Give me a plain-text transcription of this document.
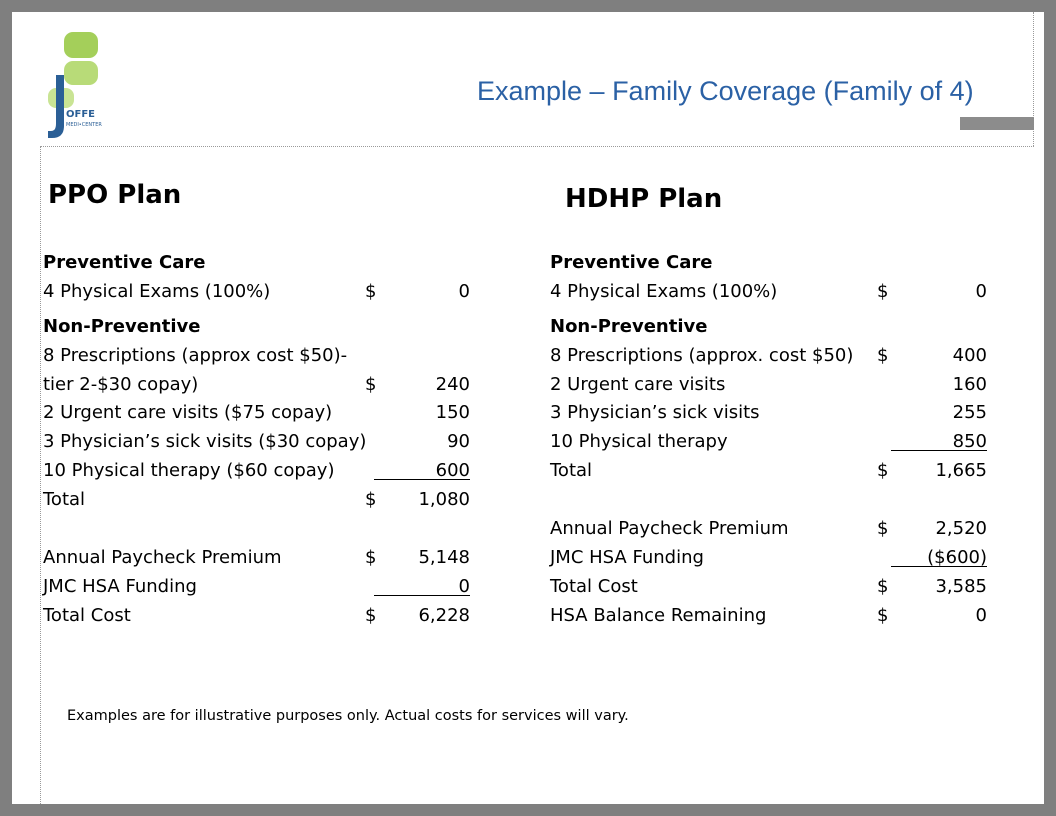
OFFE
MEDI•CENTER
Example – Family Coverage (Family of 4)
PPO Plan	HDHP Plan
Preventive Care
4 Physical Exams (100%)	$	0
Non-Preventive
8 Prescriptions (approx cost $50)-
tier 2-$30 copay)	$	240
2 Urgent care visits ($75 copay)	150
3 Physician’s sick visits ($30 copay)	90
10 Physical therapy ($60 copay)	600
Total	$ 1,080
Annual Paycheck Premium	$ 5,148
JMC HSA Funding	0
Total Cost	$ 6,228
Preventive Care
4 Physical Exams (100%)	$	0
Non-Preventive
8 Prescriptions (approx. cost $50) $	400
2 Urgent care visits	160
3 Physician’s sick visits	255
10 Physical therapy	850
Total	$	1,665
Annual Paycheck Premium	$	2,520
JMC HSA Funding	($600)
Total Cost	$	3,585
HSA Balance Remaining	$	0
Examples are for illustrative purposes only. Actual costs for services will vary.
